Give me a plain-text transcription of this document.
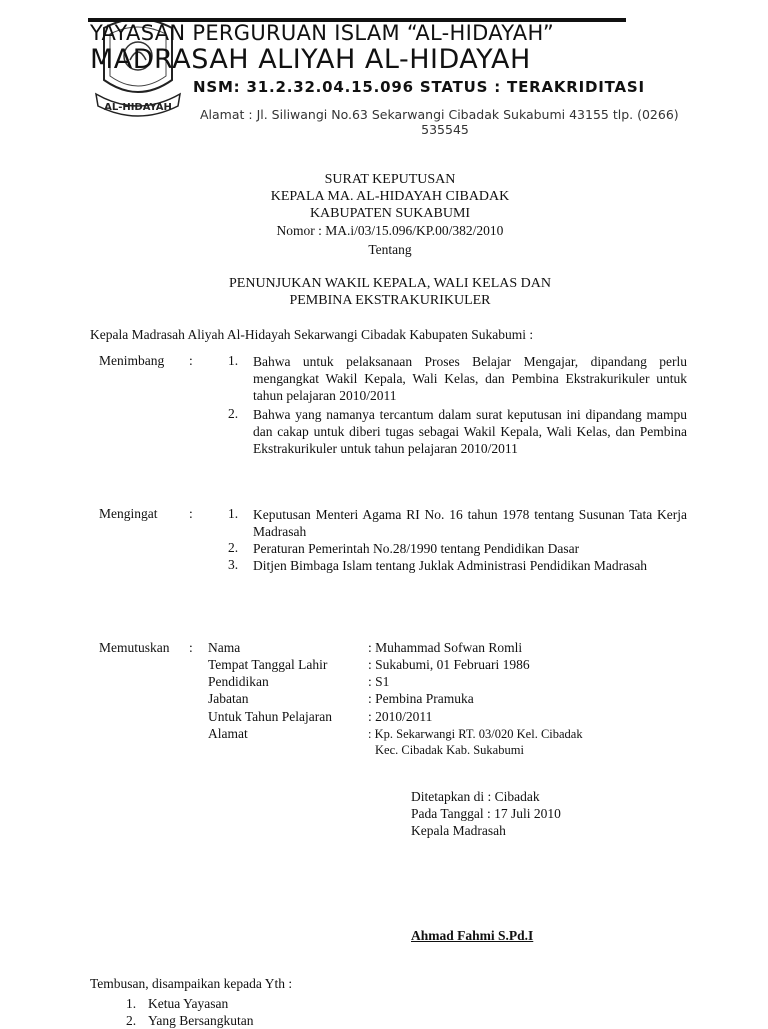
AL-HIDAYAH
YAYASAN PERGURUAN ISLAM “AL-HIDAYAH”
MADRASAH ALIYAH AL-HIDAYAH
NSM: 31.2.32.04.15.096 STATUS : TERAKRIDITASI
Alamat : Jl. Siliwangi No.63 Sekarwangi Cibadak Sukabumi 43155 tlp. (0266)
535545
SURAT KEPUTUSAN
KEPALA MA. AL-HIDAYAH CIBADAK
KABUPATEN SUKABUMI
Nomor : MA.i/03/15.096/KP.00/382/2010
Tentang
PENUNJUKAN WAKIL KEPALA, WALI KELAS DAN
PEMBINA EKSTRAKURIKULER
Kepala Madrasah Aliyah Al-Hidayah Sekarwangi Cibadak Kabupaten Sukabumi :
Menimbang :	1. Bahwa untuk pelaksanaan Proses Belajar Mengajar, dipandang perlu mengangkat Wakil Kepala, Wali Kelas, dan Pembina Ekstrakurikuler untuk tahun pelajaran 2010/2011
2. Bahwa yang namanya tercantum dalam surat keputusan ini dipandang mampu dan cakap untuk diberi tugas sebagai Wakil Kepala, Wali Kelas, dan Pembina Ekstrakurikuler untuk tahun pelajaran 2010/2011
Mengingat :	1. Keputusan Menteri Agama RI No. 16 tahun 1978 tentang Susunan Tata Kerja Madrasah
2. Peraturan Pemerintah No.28/1990 tentang Pendidikan Dasar
3. Ditjen Bimbaga Islam tentang Juklak Administrasi Pendidikan Madrasah
Memutuskan : Nama	: Muhammad Sofwan Romli
Tempat Tanggal Lahir	: Sukabumi, 01 Februari 1986
Pendidikan	: S1
Jabatan	: Pembina Pramuka
Untuk Tahun Pelajaran	: 2010/2011
Alamat	: Kp. Sekarwangi RT. 03/020 Kel. Cibadak
Kec. Cibadak Kab. Sukabumi
Ditetapkan di : Cibadak
Pada Tanggal : 17 Juli 2010
Kepala Madrasah
Ahmad Fahmi S.Pd.I
Tembusan, disampaikan kepada Yth :
1. Ketua Yayasan
2. Yang Bersangkutan
